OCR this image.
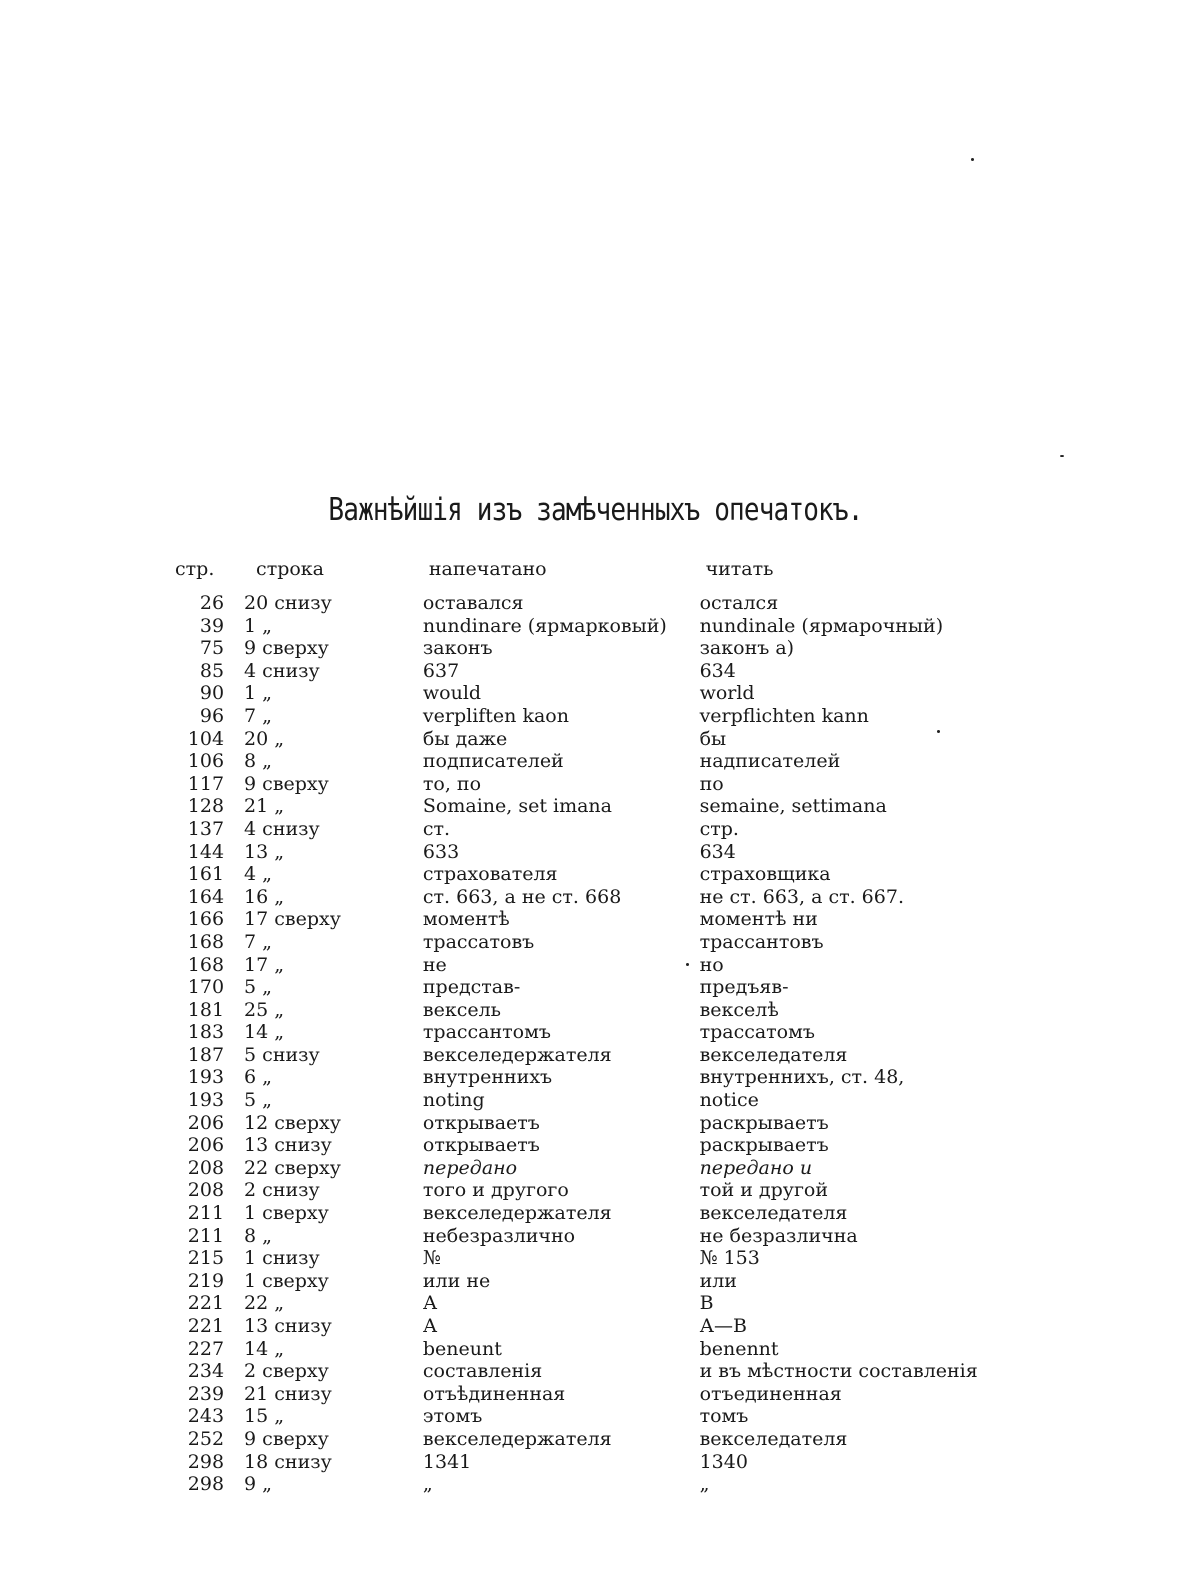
Важнѣйшія изъ замѣченныхъ опечатокъ.
стр.	строка	напечатано	читать

26	20 снизу	оставался	остался
39	1 „	nundinare (ярмарковый)	nundinale (ярмарочный)
75	9 сверху	законъ	законъ а)
85	4 снизу	637	634
90	1 „	would	world
96	7 „	verpliften kaon	verpflichten kann
104	20 „	бы даже	бы
106	8 „	подписателей	надписателей
117	9 сверху	то, по	по
128	21 „	Somaine, set imana	semaine, settimana
137	4 снизу	ст.	стр.
144	13 „	633	634
161	4 „	страхователя	страховщика
164	16 „	ст. 663, а не ст. 668	не ст. 663, а ст. 667.
166	17 сверху	моментѣ	моментѣ ни
168	7 „	трассатовъ	трассантовъ
168	17 „	не	но
170	5 „	представ-	предъяв-
181	25 „	вексель	векселѣ
183	14 „	трассантомъ	трассатомъ
187	5 снизу	векселедержателя	векселедателя
193	6 „	внутреннихъ	внутреннихъ, ст. 48,
193	5 „	noting	notice
206	12 сверху	открываетъ	раскрываетъ
206	13 снизу	открываетъ	раскрываетъ
208	22 сверху	передано	передано и
208	2 снизу	того и другого	той и другой
211	1 сверху	векселедержателя	векселедателя
211	8 „	небезразлично	не безразлична
215	1 снизу	№	№ 153
219	1 сверху	или не	или
221	22 „	А	В
221	13 снизу	А	А—В
227	14 „	beneunt	benennt
234	2 сверху	составленія	и въ мѣстности составленія
239	21 снизу	отъѣдиненная	отъединенная
243	15 „	этомъ	томъ
252	9 сверху	векселедержателя	векселедателя
298	18 снизу	1341	1340
298	9 „	„	„
